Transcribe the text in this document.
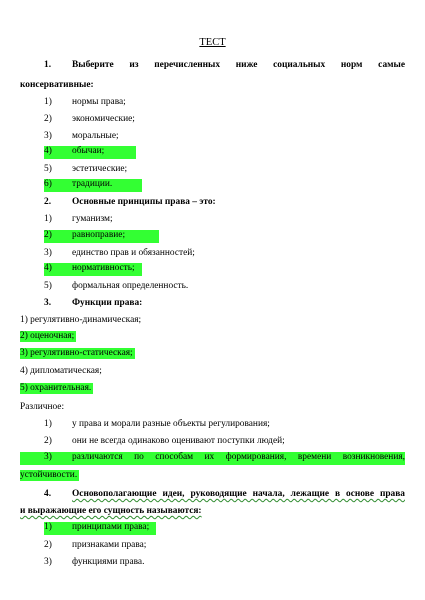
ТЕСТ
1. Выберите из перечисленных ниже социальных норм самые
консервативные:
1) нормы права;
2) экономические;
3) моральные;
4) обычаи;
5) эстетические;
6) традиции.
2. Основные принципы права – это:
1) гуманизм;
2) равноправие;
3) единство прав и обязанностей;
4) нормативность;
5) формальная определенность.
3. Функции права:
1) регулятивно-динамическая;
2) оценочная;
3) регулятивно-статическая;
4) дипломатическая;
5) охранительная.
Различное:
1) у права и морали разные объекты регулирования;
2) они не всегда одинаково оценивают поступки людей;
3) различаются по способам их формирования, времени возникновения,
устойчивости.
4. Основополагающие идеи, руководящие начала, лежащие в основе права
и выражающие его сущность называются:
1) принципами права;
2) признаками права;
3) функциями права.
